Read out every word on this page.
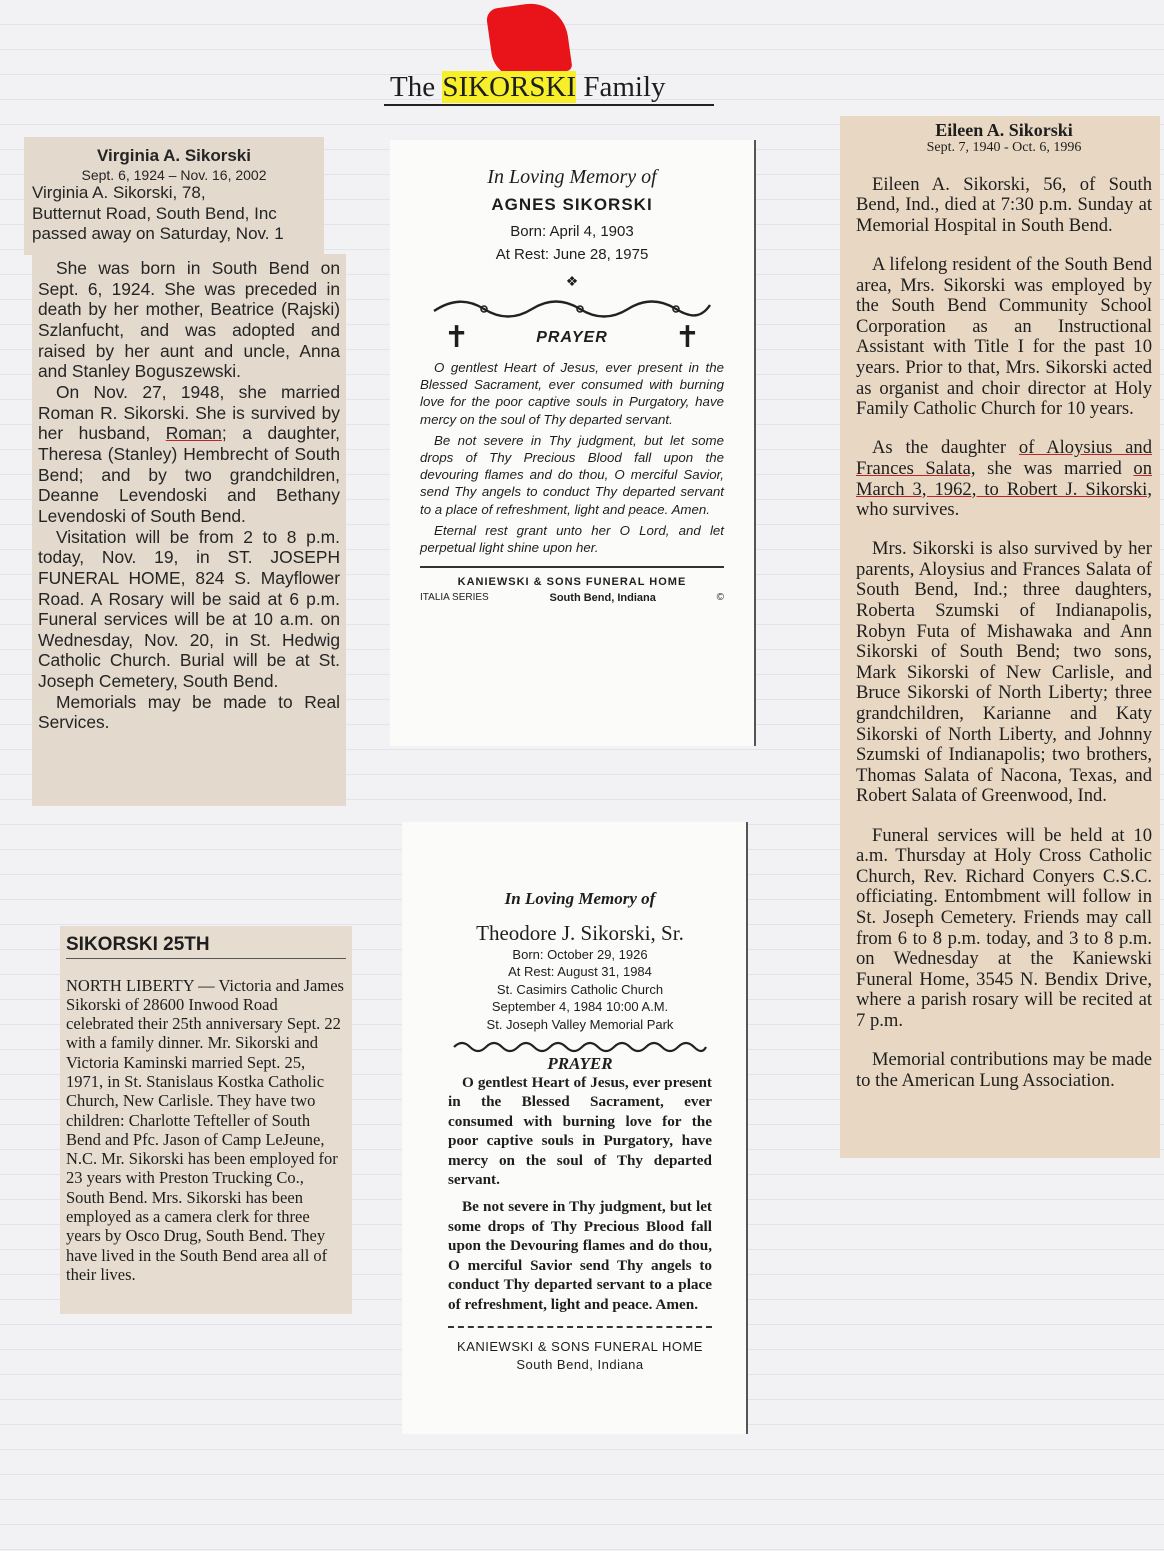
The SIKORSKI Family
Virginia A. Sikorski
Sept. 6, 1924 – Nov. 16, 2002
Virginia A. Sikorski, 78,
Butternut Road, South Bend, Inc
passed away on Saturday, Nov. 1

She was born in South Bend on Sept. 6, 1924. She was preceded in death by her mother, Beatrice (Rajski) Szlanfucht, and was adopted and raised by her aunt and uncle, Anna and Stanley Boguszewski.

On Nov. 27, 1948, she married Roman R. Sikorski. She is survived by her husband, Roman; a daughter, Theresa (Stanley) Hembrecht of South Bend; and by two grandchildren, Deanne Levendoski and Bethany Levendoski of South Bend.

Visitation will be from 2 to 8 p.m. today, Nov. 19, in ST. JOSEPH FUNERAL HOME, 824 S. Mayflower Road. A Rosary will be said at 6 p.m. Funeral services will be at 10 a.m. on Wednesday, Nov. 20, in St. Hedwig Catholic Church. Burial will be at St. Joseph Cemetery, South Bend.

Memorials may be made to Real Services.

SIKORSKI 25TH

NORTH LIBERTY — Victoria and James Sikorski of 28600 Inwood Road celebrated their 25th anniversary Sept. 22 with a family dinner. Mr. Sikorski and Victoria Kaminski married Sept. 25, 1971, in St. Stanislaus Kostka Catholic Church, New Carlisle. They have two children: Charlotte Tefteller of South Bend and Pfc. Jason of Camp LeJeune, N.C. Mr. Sikorski has been employed for 23 years with Preston Trucking Co., South Bend. Mrs. Sikorski has been employed as a camera clerk for three years by Osco Drug, South Bend. They have lived in the South Bend area all of their lives.

In Loving Memory of
AGNES SIKORSKI
Born: April 4, 1903
At Rest: June 28, 1975
❖
✝	PRAYER ✝

O gentlest Heart of Jesus, ever present in the Blessed Sacrament, ever consumed with burning love for the poor captive souls in Purgatory, have mercy on the soul of Thy departed servant.

Be not severe in Thy judgment, but let some drops of Thy Precious Blood fall upon the devouring flames and do thou, O merciful Savior, send Thy angels to conduct Thy departed servant to a place of refreshment, light and peace. Amen.

Eternal rest grant unto her O Lord, and let perpetual light shine upon her.

KANIEWSKI & SONS FUNERAL HOME
ITALIA SERIES	South Bend, Indiana	©
In Loving Memory of
Theodore J. Sikorski, Sr.
Born: October 29, 1926
At Rest: August 31, 1984
St. Casimirs Catholic Church
September 4, 1984 10:00 A.M.
St. Joseph Valley Memorial Park
PRAYER

O gentlest Heart of Jesus, ever present in the Blessed Sacrament, ever consumed with burning love for the poor captive souls in Purgatory, have mercy on the soul of Thy departed servant.

Be not severe in Thy judgment, but let some drops of Thy Precious Blood fall upon the Devouring flames and do thou, O merciful Savior send Thy angels to conduct Thy departed servant to a place of refreshment, light and peace. Amen.

KANIEWSKI & SONS FUNERAL HOME
South Bend, Indiana
Eileen A. Sikorski
Sept. 7, 1940 - Oct. 6, 1996

Eileen A. Sikorski, 56, of South Bend, Ind., died at 7:30 p.m. Sunday at Memorial Hospital in South Bend.

A lifelong resident of the South Bend area, Mrs. Sikorski was employed by the South Bend Community School Corporation as an Instructional Assistant with Title I for the past 10 years. Prior to that, Mrs. Sikorski acted as organist and choir director at Holy Family Catholic Church for 10 years.

As the daughter of Aloysius and Frances Salata, she was married on March 3, 1962, to Robert J. Sikorski, who survives.

Mrs. Sikorski is also survived by her parents, Aloysius and Frances Salata of South Bend, Ind.; three daughters, Roberta Szumski of Indianapolis, Robyn Futa of Mishawaka and Ann Sikorski of South Bend; two sons, Mark Sikorski of New Carlisle, and Bruce Sikorski of North Liberty; three grandchildren, Karianne and Katy Sikorski of North Liberty, and Johnny Szumski of Indianapolis; two brothers, Thomas Salata of Nacona, Texas, and Robert Salata of Greenwood, Ind.

Funeral services will be held at 10 a.m. Thursday at Holy Cross Catholic Church, Rev. Richard Conyers C.S.C. officiating. Entombment will follow in St. Joseph Cemetery. Friends may call from 6 to 8 p.m. today, and 3 to 8 p.m. on Wednesday at the Kaniewski Funeral Home, 3545 N. Bendix Drive, where a parish rosary will be recited at 7 p.m.

Memorial contributions may be made to the American Lung Association.
